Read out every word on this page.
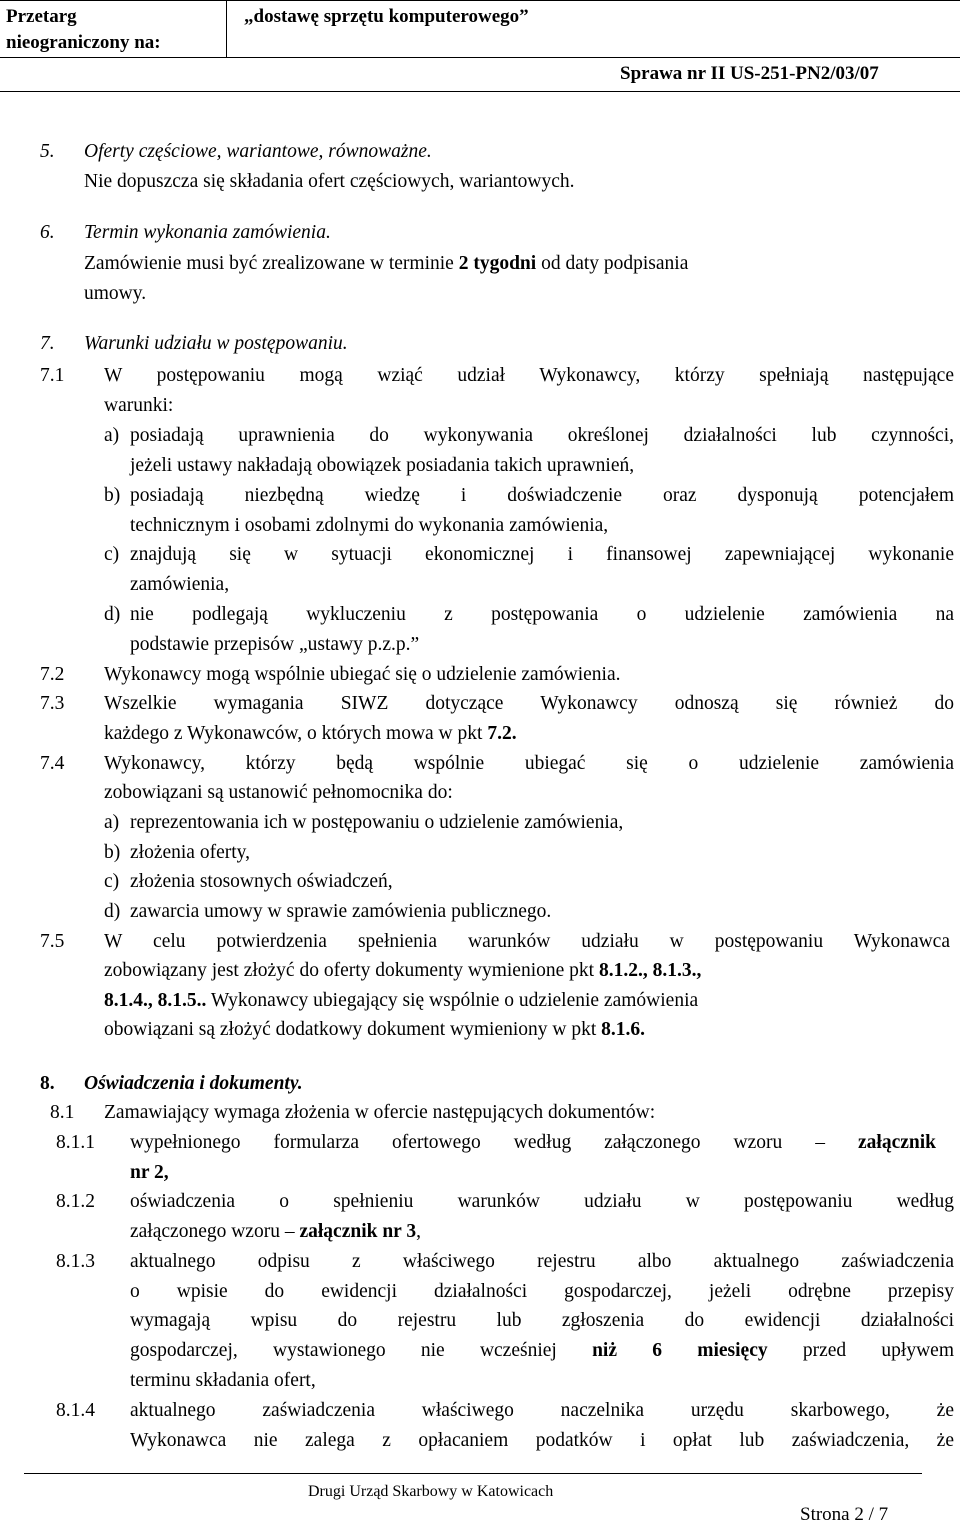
Przetarg
nieograniczony na:
„dostawę sprzętu komputerowego”
Sprawa nr II US-251-PN2/03/07
5. Oferty częściowe, wariantowe, równoważne.
Nie dopuszcza się składania ofert częściowych, wariantowych.
6. Termin wykonania zamówienia.
Zamówienie musi być zrealizowane w terminie 2 tygodni od daty podpisania
umowy.
7. Warunki udziału w postępowaniu.
7.1 W postępowaniu mogą wziąć udział Wykonawcy, którzy spełniają następujące
warunki:
a) posiadają uprawnienia do wykonywania określonej działalności lub czynności,
jeżeli ustawy nakładają obowiązek posiadania takich uprawnień,
b) posiadają niezbędną wiedzę i doświadczenie oraz dysponują potencjałem
technicznym i osobami zdolnymi do wykonania zamówienia,
c) znajdują się w sytuacji ekonomicznej i finansowej zapewniającej wykonanie
zamówienia,
d) nie podlegają wykluczeniu z postępowania o udzielenie zamówienia na
podstawie przepisów „ustawy p.z.p.”
7.2 Wykonawcy mogą wspólnie ubiegać się o udzielenie zamówienia.
7.3 Wszelkie wymagania SIWZ dotyczące Wykonawcy odnoszą się również do
każdego z Wykonawców, o których mowa w pkt 7.2.
7.4 Wykonawcy, którzy będą wspólnie ubiegać się o udzielenie zamówienia
zobowiązani są ustanowić pełnomocnika do:
a) reprezentowania ich w postępowaniu o udzielenie zamówienia,
b) złożenia oferty,
c) złożenia stosownych oświadczeń,
d) zawarcia umowy w sprawie zamówienia publicznego.
7.5 W celu potwierdzenia spełnienia warunków udziału w postępowaniu Wykonawca
zobowiązany jest złożyć do oferty dokumenty wymienione pkt 8.1.2., 8.1.3.,
8.1.4., 8.1.5.. Wykonawcy ubiegający się wspólnie o udzielenie zamówienia
obowiązani są złożyć dodatkowy dokument wymieniony w pkt 8.1.6.
8. Oświadczenia i dokumenty.
8.1 Zamawiający wymaga złożenia w ofercie następujących dokumentów:
8.1.1 wypełnionego formularza ofertowego według załączonego wzoru – załącznik
nr 2,
8.1.2 oświadczenia o spełnieniu warunków udziału w postępowaniu według
załączonego wzoru – załącznik nr 3,
8.1.3 aktualnego odpisu z właściwego rejestru albo aktualnego zaświadczenia
o wpisie do ewidencji działalności gospodarczej, jeżeli odrębne przepisy
wymagają wpisu do rejestru lub zgłoszenia do ewidencji działalności
gospodarczej, wystawionego nie wcześniej niż 6 miesięcy przed upływem
terminu składania ofert,
8.1.4 aktualnego zaświadczenia właściwego naczelnika urzędu skarbowego, że
Wykonawca nie zalega z opłacaniem podatków i opłat lub zaświadczenia, że
Drugi Urząd Skarbowy w Katowicach
Strona 2 / 7
